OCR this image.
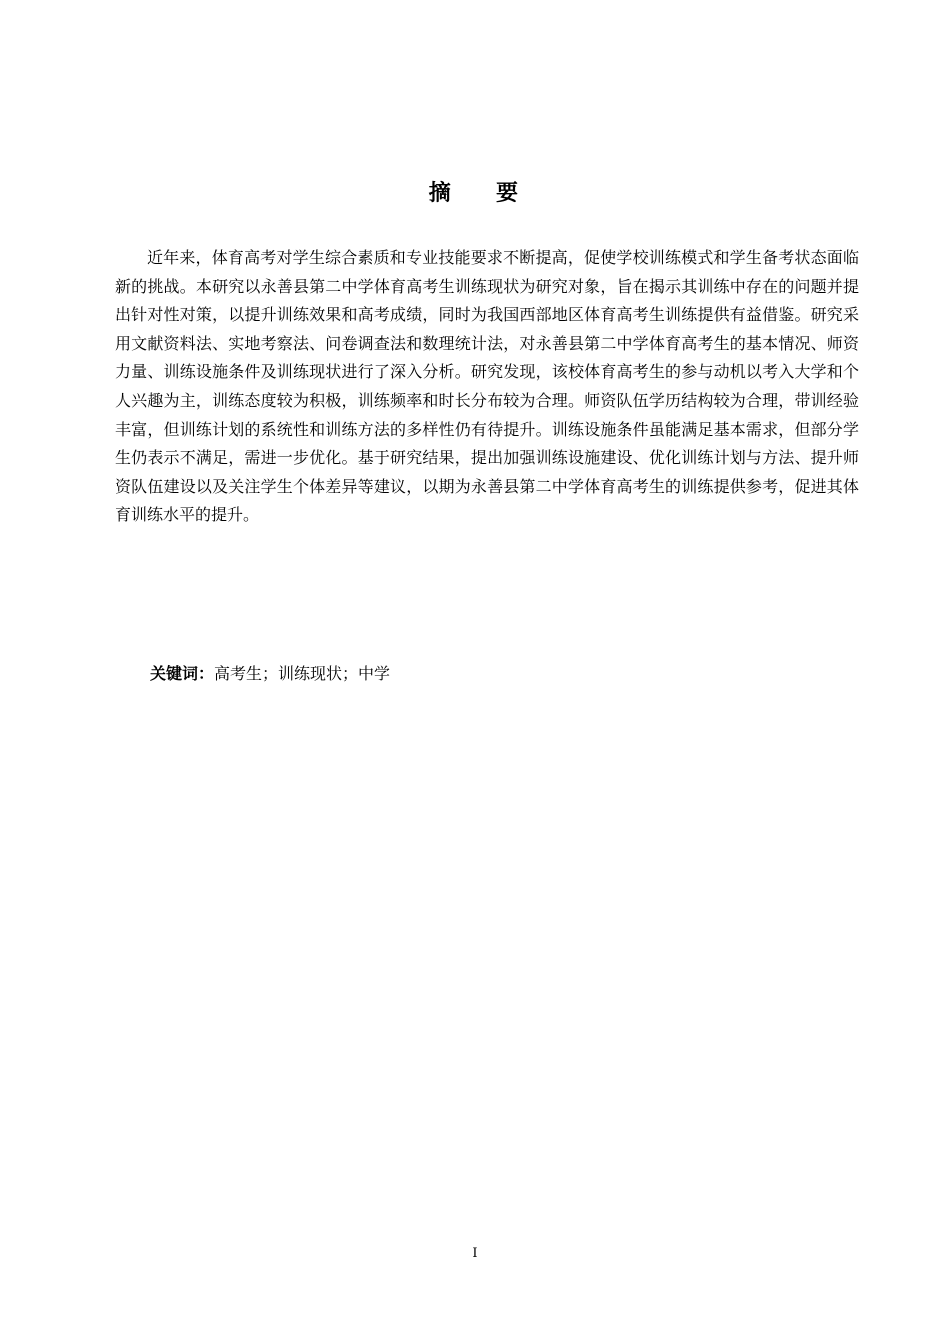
摘 要

近年来，体育高考对学生综合素质和专业技能要求不断提高，促使学校训练模式和学生备考状态面临新的挑战。本研究以永善县第二中学体育高考生训练现状为研究对象，旨在揭示其训练中存在的问题并提出针对性对策，以提升训练效果和高考成绩，同时为我国西部地区体育高考生训练提供有益借鉴。研究采用文献资料法、实地考察法、问卷调查法和数理统计法，对永善县第二中学体育高考生的基本情况、师资力量、训练设施条件及训练现状进行了深入分析。研究发现，该校体育高考生的参与动机以考入大学和个人兴趣为主，训练态度较为积极，训练频率和时长分布较为合理。师资队伍学历结构较为合理，带训经验丰富，但训练计划的系统性和训练方法的多样性仍有待提升。训练设施条件虽能满足基本需求，但部分学生仍表示不满足，需进一步优化。基于研究结果，提出加强训练设施建设、优化训练计划与方法、提升师资队伍建设以及关注学生个体差异等建议，以期为永善县第二中学体育高考生的训练提供参考，促进其体育训练水平的提升。

关键词：高考生；训练现状；中学
I
